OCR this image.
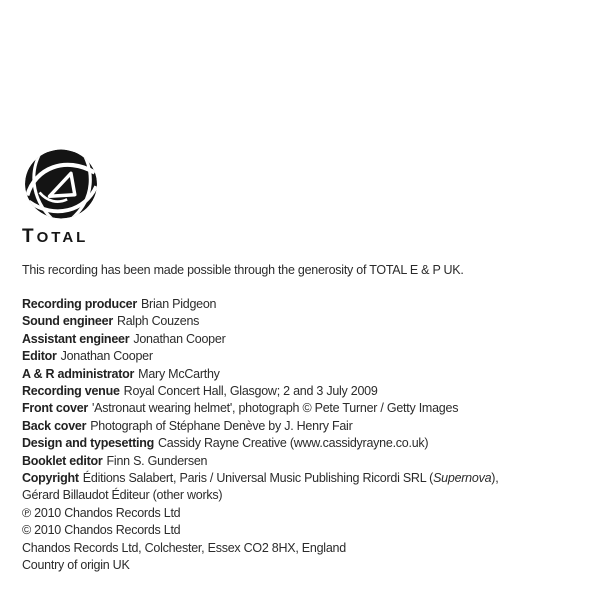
TOTAL

This recording has been made possible through the generosity of TOTAL E & P UK.

Recording producer Brian Pidgeon
Sound engineer Ralph Couzens
Assistant engineer Jonathan Cooper
Editor Jonathan Cooper
A & R administrator Mary McCarthy
Recording venue Royal Concert Hall, Glasgow; 2 and 3 July 2009
Front cover 'Astronaut wearing helmet', photograph © Pete Turner / Getty Images
Back cover Photograph of Stéphane Denève by J. Henry Fair
Design and typesetting Cassidy Rayne Creative (www.cassidyrayne.co.uk)
Booklet editor Finn S. Gundersen
Copyright Éditions Salabert, Paris / Universal Music Publishing Ricordi SRL (Supernova),
Gérard Billaudot Éditeur (other works)
℗ 2010 Chandos Records Ltd
© 2010 Chandos Records Ltd
Chandos Records Ltd, Colchester, Essex CO2 8HX, England
Country of origin UK
